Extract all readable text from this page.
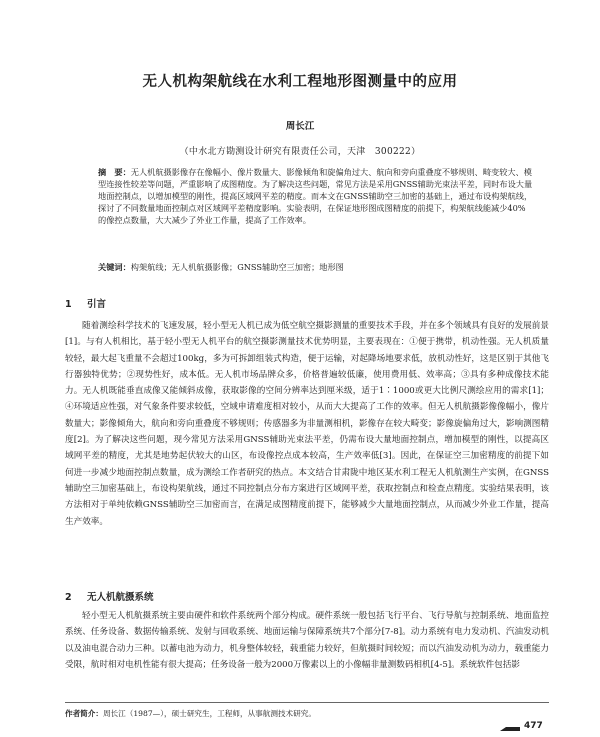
无人机构架航线在水利工程地形图测量中的应用
周长江
（中水北方勘测设计研究有限责任公司，天津　300222）
摘　要：无人机航摄影像存在像幅小、像片数量大、影像倾角和旋偏角过大、航向和旁向重叠度不够规则、畸变较大、模型连接性较差等问题，严重影响了成图精度。为了解决这些问题，常见方法是采用GNSS辅助光束法平差，同时布设大量地面控制点，以增加模型的刚性，提高区域网平差的精度。而本文在GNSS辅助空三加密的基础上，通过布设构架航线，探讨了不同数量地面控制点对区域网平差精度影响。实验表明，在保证地形图成图精度的前提下，构架航线能减少40%的像控点数量，大大减少了外业工作量，提高了工作效率。
关键词：构架航线；无人机航摄影像；GNSS辅助空三加密；地形图
1 引言

随着测绘科学技术的飞速发展，轻小型无人机已成为低空航空摄影测量的重要技术手段，并在多个领域具有良好的发展前景[1]。与有人机相比，基于轻小型无人机平台的航空摄影测量技术优势明显，主要表现在：①便于携带，机动性强。无人机质量较轻，最大起飞重量不会超过100kg，多为可拆卸组装式构造，便于运输，对起降场地要求低，放机动性好，这是区别于其他飞行器独特优势；②现势性好，成本低。无人机市场品牌众多，价格普遍较低廉，使用费用低、效率高；③具有多种成像技术能力。无人机既能垂直成像又能倾斜成像，获取影像的空间分辨率达到厘米级，适于1∶1000或更大比例尺测绘应用的需求[1]；④环境适应性强，对气象条件要求较低，空域申请难度相对较小，从而大大提高了工作的效率。但无人机航摄影像像幅小，像片数量大；影像倾角大，航向和旁向重叠度不够规则；传感器多为非量测相机，影像存在较大畸变；影像旋偏角过大，影响测图精度[2]。为了解决这些问题，现今常见方法采用GNSS辅助光束法平差，仍需布设大量地面控制点，增加模型的刚性，以提高区域网平差的精度，尤其是地势起伏较大的山区，布设像控点成本较高，生产效率低[3]。因此，在保证空三加密精度的前提下如何进一步减少地面控制点数量，成为测绘工作者研究的热点。本文结合甘肃陇中地区某水利工程无人机航测生产实例，在GNSS辅助空三加密基础上，布设构架航线，通过不同控制点分布方案进行区域网平差，获取控制点和检查点精度。实验结果表明，该方法相对于单纯依赖GNSS辅助空三加密而言，在满足成图精度前提下，能够减少大量地面控制点，从而减少外业工作量，提高生产效率。

2 无人机航摄系统

轻小型无人机航摄系统主要由硬件和软件系统两个部分构成。硬件系统一般包括飞行平台、飞行导航与控制系统、地面监控系统、任务设备、数据传输系统、发射与回收系统、地面运输与保障系统共7个部分[7-8]。动力系统有电力发动机、汽油发动机以及油电混合动力三种。以蓄电池为动力，机身整体较轻，载重能力较好，但航摄时间较短；而以汽油发动机为动力，载重能力受限，航时相对电机性能有很大提高；任务设备一般为2000万像素以上的小像幅非量测数码相机[4-5]。系统软件包括影

作者简介：周长江（1987—），硕士研究生，工程师，从事航测技术研究。
477
